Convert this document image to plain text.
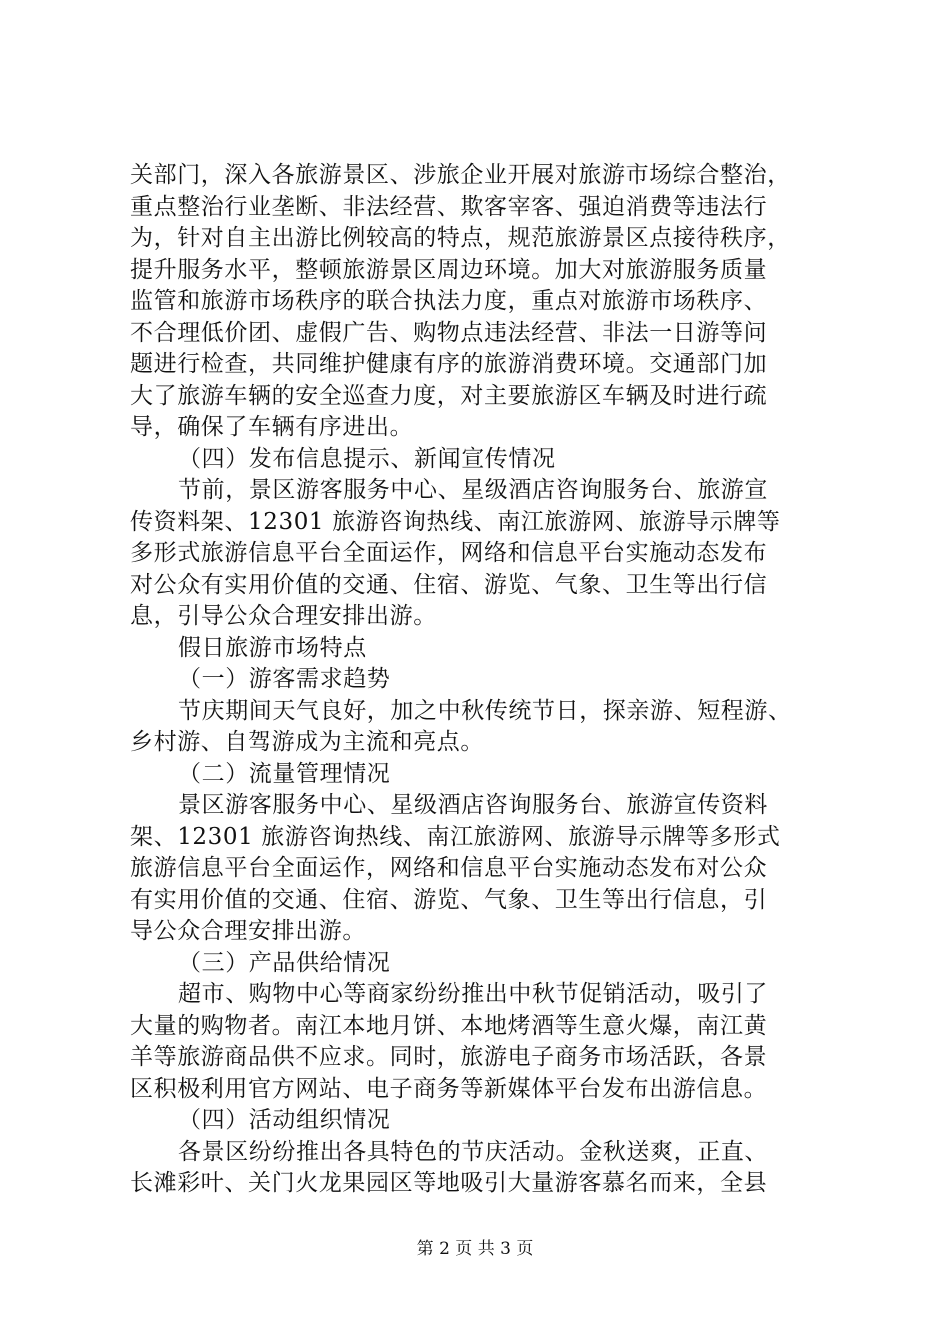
关部门，深入各旅游景区、涉旅企业开展对旅游市场综合整治，
重点整治行业垄断、非法经营、欺客宰客、强迫消费等违法行
为，针对自主出游比例较高的特点，规范旅游景区点接待秩序，
提升服务水平，整顿旅游景区周边环境。加大对旅游服务质量
监管和旅游市场秩序的联合执法力度，重点对旅游市场秩序、
不合理低价团、虚假广告、购物点违法经营、非法一日游等问
题进行检查，共同维护健康有序的旅游消费环境。交通部门加
大了旅游车辆的安全巡查力度，对主要旅游区车辆及时进行疏
导，确保了车辆有序进出。
（四）发布信息提示、新闻宣传情况
节前，景区游客服务中心、星级酒店咨询服务台、旅游宣
传资料架、12301 旅游咨询热线、南江旅游网、旅游导示牌等
多形式旅游信息平台全面运作，网络和信息平台实施动态发布
对公众有实用价值的交通、住宿、游览、气象、卫生等出行信
息，引导公众合理安排出游。
假日旅游市场特点
（一）游客需求趋势
节庆期间天气良好，加之中秋传统节日，探亲游、短程游、
乡村游、自驾游成为主流和亮点。
（二）流量管理情况
景区游客服务中心、星级酒店咨询服务台、旅游宣传资料
架、12301 旅游咨询热线、南江旅游网、旅游导示牌等多形式
旅游信息平台全面运作，网络和信息平台实施动态发布对公众
有实用价值的交通、住宿、游览、气象、卫生等出行信息，引
导公众合理安排出游。
（三）产品供给情况
超市、购物中心等商家纷纷推出中秋节促销活动，吸引了
大量的购物者。南江本地月饼、本地烤酒等生意火爆，南江黄
羊等旅游商品供不应求。同时，旅游电子商务市场活跃，各景
区积极利用官方网站、电子商务等新媒体平台发布出游信息。
（四）活动组织情况
各景区纷纷推出各具特色的节庆活动。金秋送爽，正直、
长滩彩叶、关门火龙果园区等地吸引大量游客慕名而来，全县
第 2 页 共 3 页
